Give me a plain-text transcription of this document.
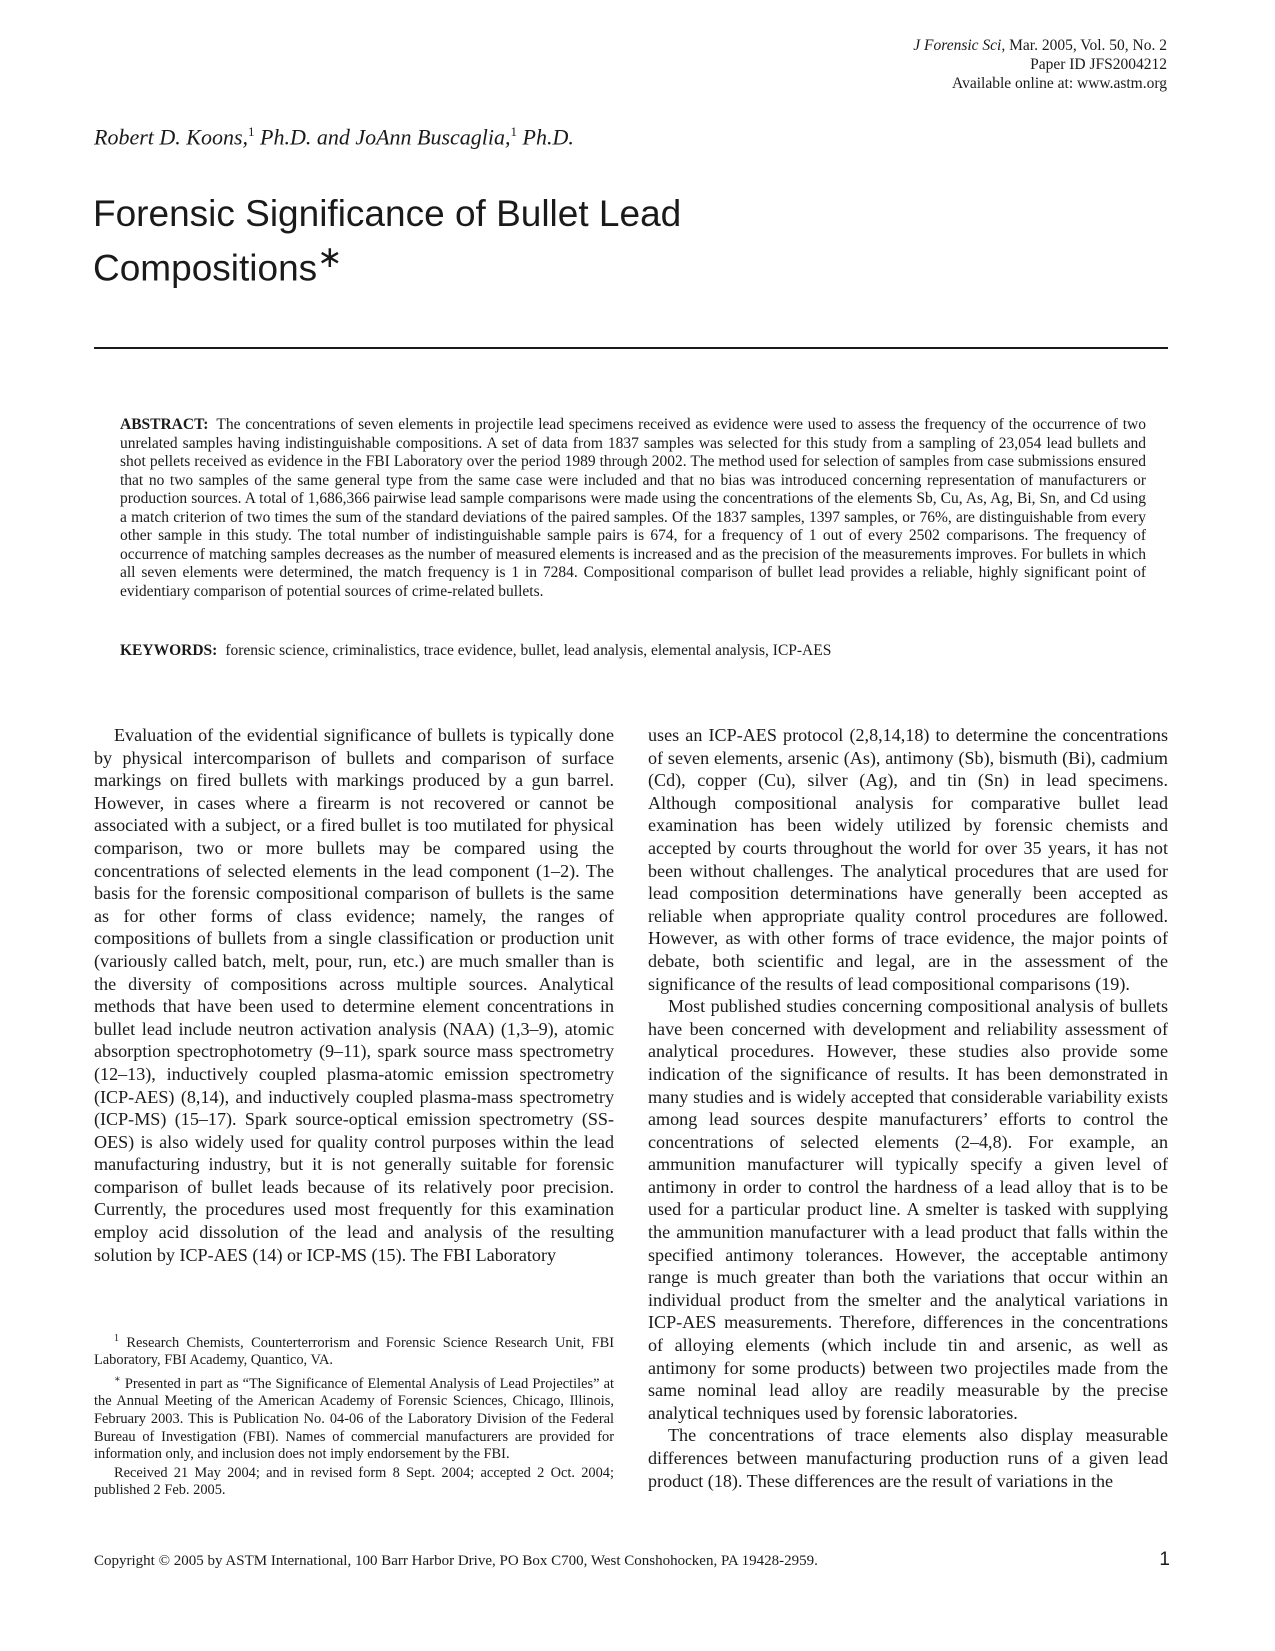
J Forensic Sci, Mar. 2005, Vol. 50, No. 2
Paper ID JFS2004212
Available online at: www.astm.org
Robert D. Koons,$^1$ Ph.D. and JoAnn Buscaglia,$^1$ Ph.D.
Forensic Significance of Bullet Lead
Compositions∗

ABSTRACT: The concentrations of seven elements in projectile lead specimens received as evidence were used to assess the frequency of the occurrence of two unrelated samples having indistinguishable compositions. A set of data from 1837 samples was selected for this study from a sampling of 23,054 lead bullets and shot pellets received as evidence in the FBI Laboratory over the period 1989 through 2002. The method used for selection of samples from case submissions ensured that no two samples of the same general type from the same case were included and that no bias was introduced concerning representation of manufacturers or production sources. A total of 1,686,366 pairwise lead sample comparisons were made using the concentrations of the elements Sb, Cu, As, Ag, Bi, Sn, and Cd using a match criterion of two times the sum of the standard deviations of the paired samples. Of the 1837 samples, 1397 samples, or 76%, are distinguishable from every other sample in this study. The total number of indistinguishable sample pairs is 674, for a frequency of 1 out of every 2502 comparisons. The frequency of occurrence of matching samples decreases as the number of measured elements is increased and as the precision of the measurements improves. For bullets in which all seven elements were determined, the match frequency is 1 in 7284. Compositional comparison of bullet lead provides a reliable, highly significant point of evidentiary comparison of potential sources of crime-related bullets.

KEYWORDS: forensic science, criminalistics, trace evidence, bullet, lead analysis, elemental analysis, ICP-AES

Evaluation of the evidential significance of bullets is typically done by physical intercomparison of bullets and comparison of surface markings on fired bullets with markings produced by a gun barrel. However, in cases where a firearm is not recovered or cannot be associated with a subject, or a fired bullet is too mutilated for physical comparison, two or more bullets may be compared using the concentrations of selected elements in the lead component (1–2). The basis for the forensic compositional comparison of bullets is the same as for other forms of class evidence; namely, the ranges of compositions of bullets from a single classification or production unit (variously called batch, melt, pour, run, etc.) are much smaller than is the diversity of compositions across multiple sources. Analytical methods that have been used to determine element concentrations in bullet lead include neutron activation analysis (NAA) (1,3–9), atomic absorption spectrophotometry (9–11), spark source mass spectrometry (12–13), inductively coupled plasma-atomic emission spectrometry (ICP-AES) (8,14), and inductively coupled plasma-mass spectrometry (ICP-MS) (15–17). Spark source-optical emission spectrometry (SS-OES) is also widely used for quality control purposes within the lead manufacturing industry, but it is not generally suitable for forensic comparison of bullet leads because of its relatively poor precision. Currently, the procedures used most frequently for this examination employ acid dissolution of the lead and analysis of the resulting solution by ICP-AES (14) or ICP-MS (15). The FBI Laboratory

$^1$ Research Chemists, Counterterrorism and Forensic Science Research Unit, FBI Laboratory, FBI Academy, Quantico, VA.

∗ Presented in part as “The Significance of Elemental Analysis of Lead Projectiles” at the Annual Meeting of the American Academy of Forensic Sciences, Chicago, Illinois, February 2003. This is Publication No. 04-06 of the Laboratory Division of the Federal Bureau of Investigation (FBI). Names of commercial manufacturers are provided for information only, and inclusion does not imply endorsement by the FBI.

Received 21 May 2004; and in revised form 8 Sept. 2004; accepted 2 Oct. 2004; published 2 Feb. 2005.

uses an ICP-AES protocol (2,8,14,18) to determine the concentrations of seven elements, arsenic (As), antimony (Sb), bismuth (Bi), cadmium (Cd), copper (Cu), silver (Ag), and tin (Sn) in lead specimens. Although compositional analysis for comparative bullet lead examination has been widely utilized by forensic chemists and accepted by courts throughout the world for over 35 years, it has not been without challenges. The analytical procedures that are used for lead composition determinations have generally been accepted as reliable when appropriate quality control procedures are followed. However, as with other forms of trace evidence, the major points of debate, both scientific and legal, are in the assessment of the significance of the results of lead compositional comparisons (19).

Most published studies concerning compositional analysis of bullets have been concerned with development and reliability assessment of analytical procedures. However, these studies also provide some indication of the significance of results. It has been demonstrated in many studies and is widely accepted that considerable variability exists among lead sources despite manufacturers’ efforts to control the concentrations of selected elements (2–4,8). For example, an ammunition manufacturer will typically specify a given level of antimony in order to control the hardness of a lead alloy that is to be used for a particular product line. A smelter is tasked with supplying the ammunition manufacturer with a lead product that falls within the specified antimony tolerances. However, the acceptable antimony range is much greater than both the variations that occur within an individual product from the smelter and the analytical variations in ICP-AES measurements. Therefore, differences in the concentrations of alloying elements (which include tin and arsenic, as well as antimony for some products) between two projectiles made from the same nominal lead alloy are readily measurable by the precise analytical techniques used by forensic laboratories.

The concentrations of trace elements also display measurable differences between manufacturing production runs of a given lead product (18). These differences are the result of variations in the

Copyright © 2005 by ASTM International, 100 Barr Harbor Drive, PO Box C700, West Conshohocken, PA 19428-2959.	1
